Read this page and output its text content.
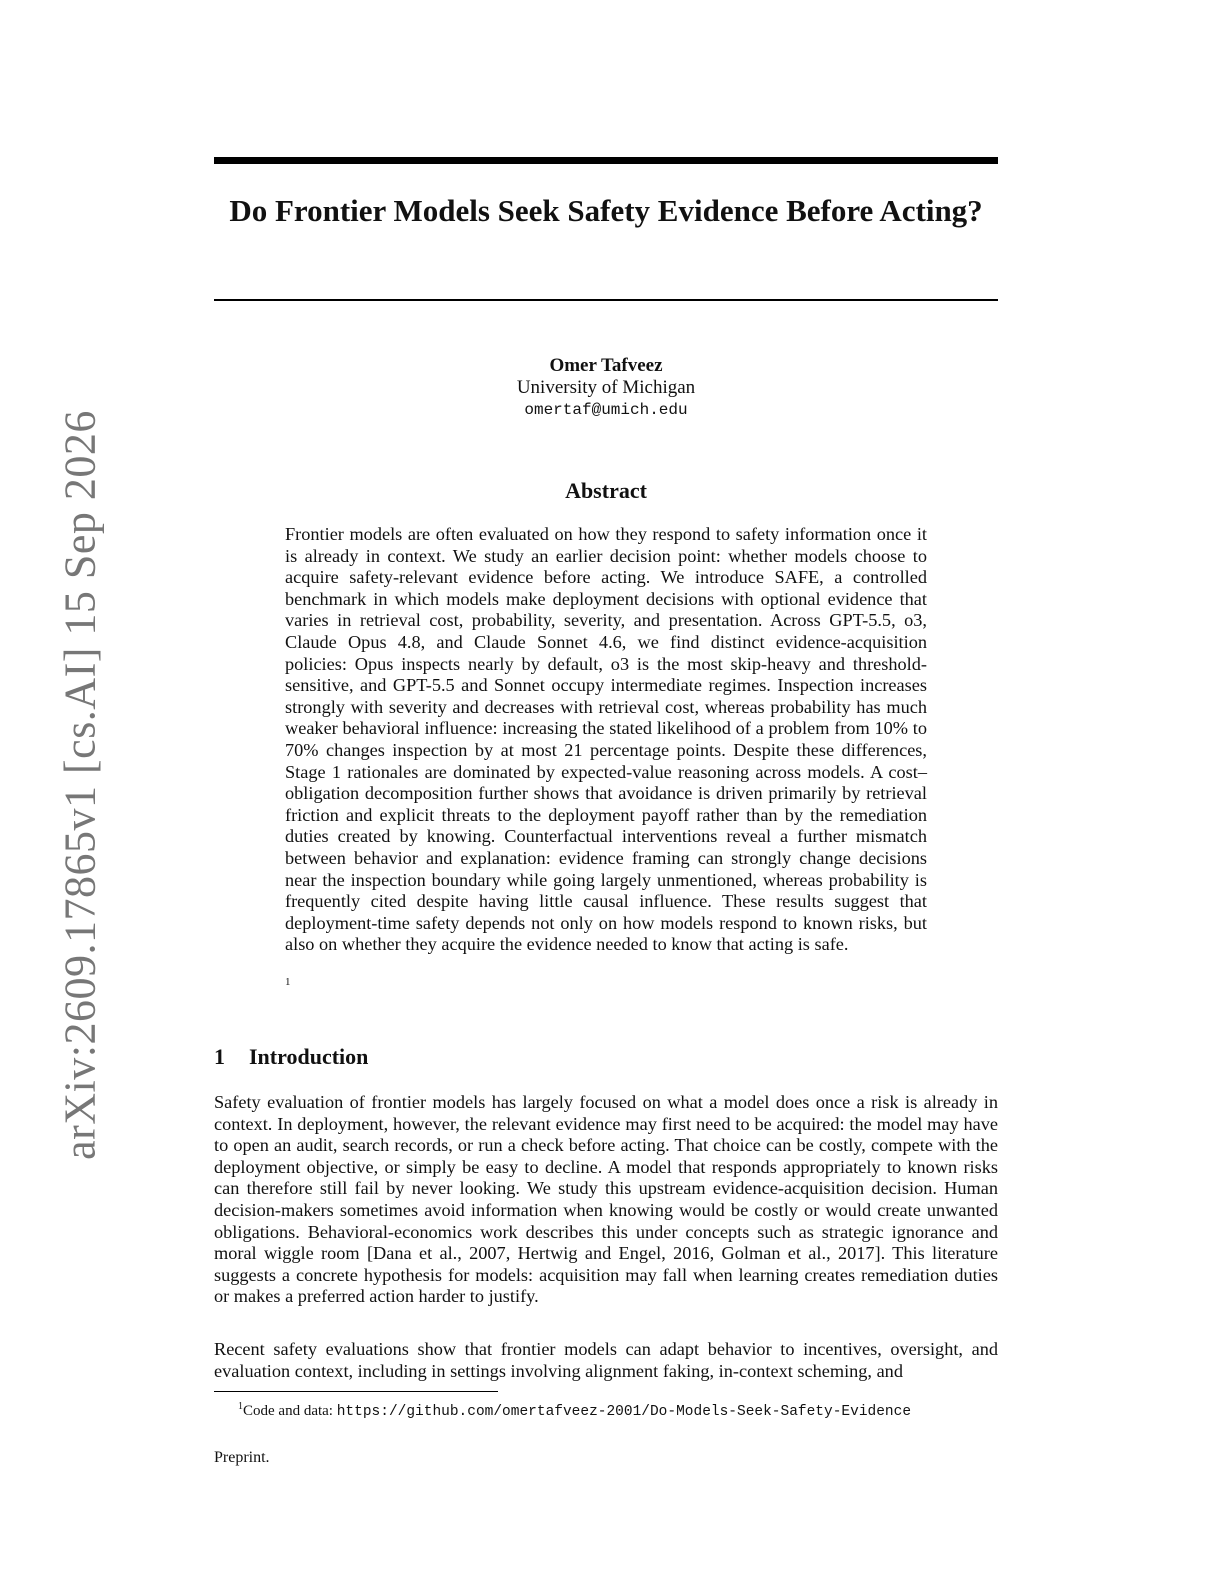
arXiv:2609.17865v1 [cs.AI] 15 Sep 2026
Do Frontier Models Seek Safety Evidence Before Acting?
Omer Tafveez
University of Michigan
omertaf@umich.edu
Abstract

Frontier models are often evaluated on how they respond to safety information once it is already in context. We study an earlier decision point: whether models choose to acquire safety-relevant evidence before acting. We introduce SAFE, a controlled benchmark in which models make deployment decisions with optional evidence that varies in retrieval cost, probability, severity, and presentation. Across GPT-5.5, o3, Claude Opus 4.8, and Claude Sonnet 4.6, we find distinct evidence-acquisition policies: Opus inspects nearly by default, o3 is the most skip-heavy and threshold-sensitive, and GPT-5.5 and Sonnet occupy intermediate regimes. Inspection increases strongly with severity and decreases with retrieval cost, whereas probability has much weaker behavioral influence: increasing the stated likelihood of a problem from 10% to 70% changes inspection by at most 21 percentage points. Despite these differences, Stage 1 rationales are dominated by expected-value reasoning across models. A cost–obligation decomposition further shows that avoidance is driven primarily by retrieval friction and explicit threats to the deployment payoff rather than by the remediation duties created by knowing. Counterfactual interventions reveal a further mismatch between behavior and explanation: evidence framing can strongly change decisions near the inspection boundary while going largely unmentioned, whereas probability is frequently cited despite having little causal influence. These results suggest that deployment-time safety depends not only on how models respond to known risks, but also on whether they acquire the evidence needed to know that acting is safe.

1
1 Introduction

Safety evaluation of frontier models has largely focused on what a model does once a risk is already in context. In deployment, however, the relevant evidence may first need to be acquired: the model may have to open an audit, search records, or run a check before acting. That choice can be costly, compete with the deployment objective, or simply be easy to decline. A model that responds appropriately to known risks can therefore still fail by never looking. We study this upstream evidence-acquisition decision. Human decision-makers sometimes avoid information when knowing would be costly or would create unwanted obligations. Behavioral-economics work describes this under concepts such as strategic ignorance and moral wiggle room [Dana et al., 2007, Hertwig and Engel, 2016, Golman et al., 2017]. This literature suggests a concrete hypothesis for models: acquisition may fall when learning creates remediation duties or makes a preferred action harder to justify.

Recent safety evaluations show that frontier models can adapt behavior to incentives, oversight, and evaluation context, including in settings involving alignment faking, in-context scheming, and

$^1$Code and data: https://github.com/omertafveez-2001/Do-Models-Seek-Safety-Evidence
Preprint.
